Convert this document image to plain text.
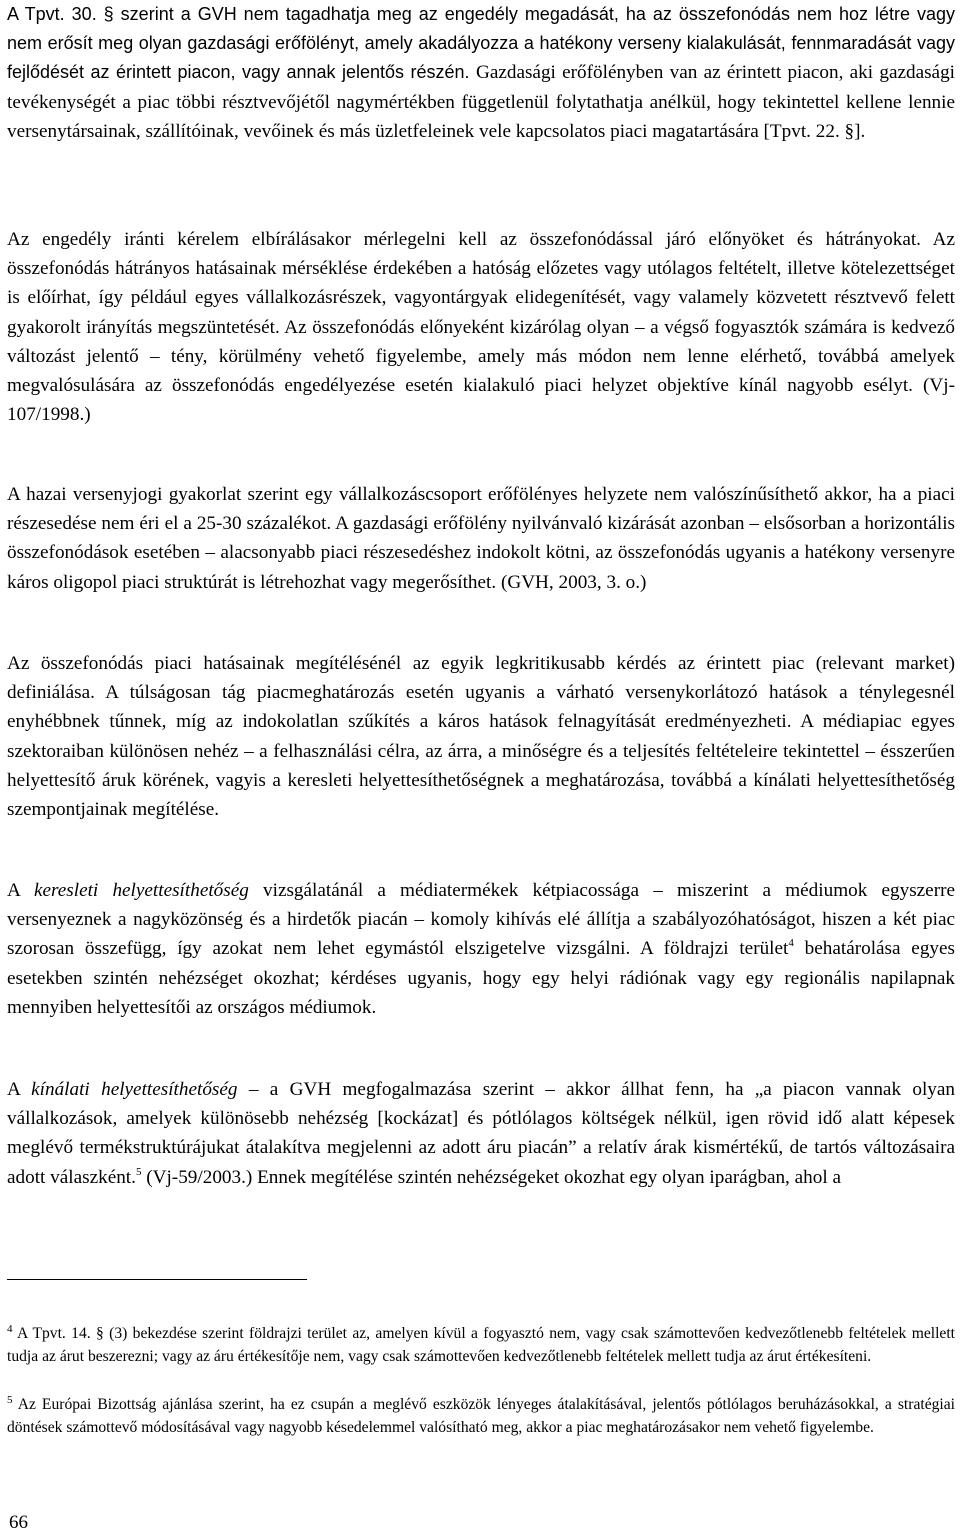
A Tpvt. 30. § szerint a GVH nem tagadhatja meg az engedély megadását, ha az összefonódás nem hoz létre vagy nem erősít meg olyan gazdasági erőfölényt, amely akadályozza a hatékony verseny kialakulását, fennmaradását vagy fejlődését az érintett piacon, vagy annak jelentős részén. Gazdasági erőfölényben van az érintett piacon, aki gazdasági tevékenységét a piac többi résztvevőjétől nagymértékben függetlenül folytathatja anélkül, hogy tekintettel kellene lennie versenytársainak, szállítóinak, vevőinek és más üzletfeleinek vele kapcsolatos piaci magatartására [Tpvt. 22. §].

Az engedély iránti kérelem elbírálásakor mérlegelni kell az összefonódással járó előnyöket és hátrányokat. Az összefonódás hátrányos hatásainak mérséklése érdekében a hatóság előzetes vagy utólagos feltételt, illetve kötelezettséget is előírhat, így például egyes vállalkozásrészek, vagyontárgyak elidegenítését, vagy valamely közvetett résztvevő felett gyakorolt irányítás megszüntetését. Az összefonódás előnyeként kizárólag olyan – a végső fogyasztók számára is kedvező változást jelentő – tény, körülmény vehető figyelembe, amely más módon nem lenne elérhető, továbbá amelyek megvalósulására az összefonódás engedélyezése esetén kialakuló piaci helyzet objektíve kínál nagyobb esélyt. (Vj-107/1998.)

A hazai versenyjogi gyakorlat szerint egy vállalkozáscsoport erőfölényes helyzete nem valószínűsíthető akkor, ha a piaci részesedése nem éri el a 25-30 százalékot. A gazdasági erőfölény nyilvánvaló kizárását azonban – elsősorban a horizontális összefonódások esetében – alacsonyabb piaci részesedéshez indokolt kötni, az összefonódás ugyanis a hatékony versenyre káros oligopol piaci struktúrát is létrehozhat vagy megerősíthet. (GVH, 2003, 3. o.)

Az összefonódás piaci hatásainak megítélésénél az egyik legkritikusabb kérdés az érintett piac (relevant market) definiálása. A túlságosan tág piacmeghatározás esetén ugyanis a várható versenykorlátozó hatások a ténylegesnél enyhébbnek tűnnek, míg az indokolatlan szűkítés a káros hatások felnagyítását eredményezheti. A médiapiac egyes szektoraiban különösen nehéz – a felhasználási célra, az árra, a minőségre és a teljesítés feltételeire tekintettel – ésszerűen helyettesítő áruk körének, vagyis a keresleti helyettesíthetőségnek a meghatározása, továbbá a kínálati helyettesíthetőség szempontjainak megítélése.

A keresleti helyettesíthetőség vizsgálatánál a médiatermékek kétpiacossága – miszerint a médiumok egyszerre versenyeznek a nagyközönség és a hirdetők piacán – komoly kihívás elé állítja a szabályozóhatóságot, hiszen a két piac szorosan összefügg, így azokat nem lehet egymástól elszigetelve vizsgálni. A földrajzi terület$^4$ behatárolása egyes esetekben szintén nehézséget okozhat; kérdéses ugyanis, hogy egy helyi rádiónak vagy egy regionális napilapnak mennyiben helyettesítői az országos médiumok.

A kínálati helyettesíthetőség – a GVH megfogalmazása szerint – akkor állhat fenn, ha „a piacon vannak olyan vállalkozások, amelyek különösebb nehézség [kockázat] és pótlólagos költségek nélkül, igen rövid idő alatt képesek meglévő termékstruktúrájukat átalakítva megjelenni az adott áru piacán” a relatív árak kismértékű, de tartós változásaira adott válaszként.$^5$ (Vj-59/2003.) Ennek megítélése szintén nehézségeket okozhat egy olyan iparágban, ahol a

$^4$ A Tpvt. 14. § (3) bekezdése szerint földrajzi terület az, amelyen kívül a fogyasztó nem, vagy csak számottevően kedvezőtlenebb feltételek mellett tudja az árut beszerezni; vagy az áru értékesítője nem, vagy csak számottevően kedvezőtlenebb feltételek mellett tudja az árut értékesíteni.

$^5$ Az Európai Bizottság ajánlása szerint, ha ez csupán a meglévő eszközök lényeges átalakításával, jelentős pótlólagos beruházásokkal, a stratégiai döntések számottevő módosításával vagy nagyobb késedelemmel valósítható meg, akkor a piac meghatározásakor nem vehető figyelembe.

66
